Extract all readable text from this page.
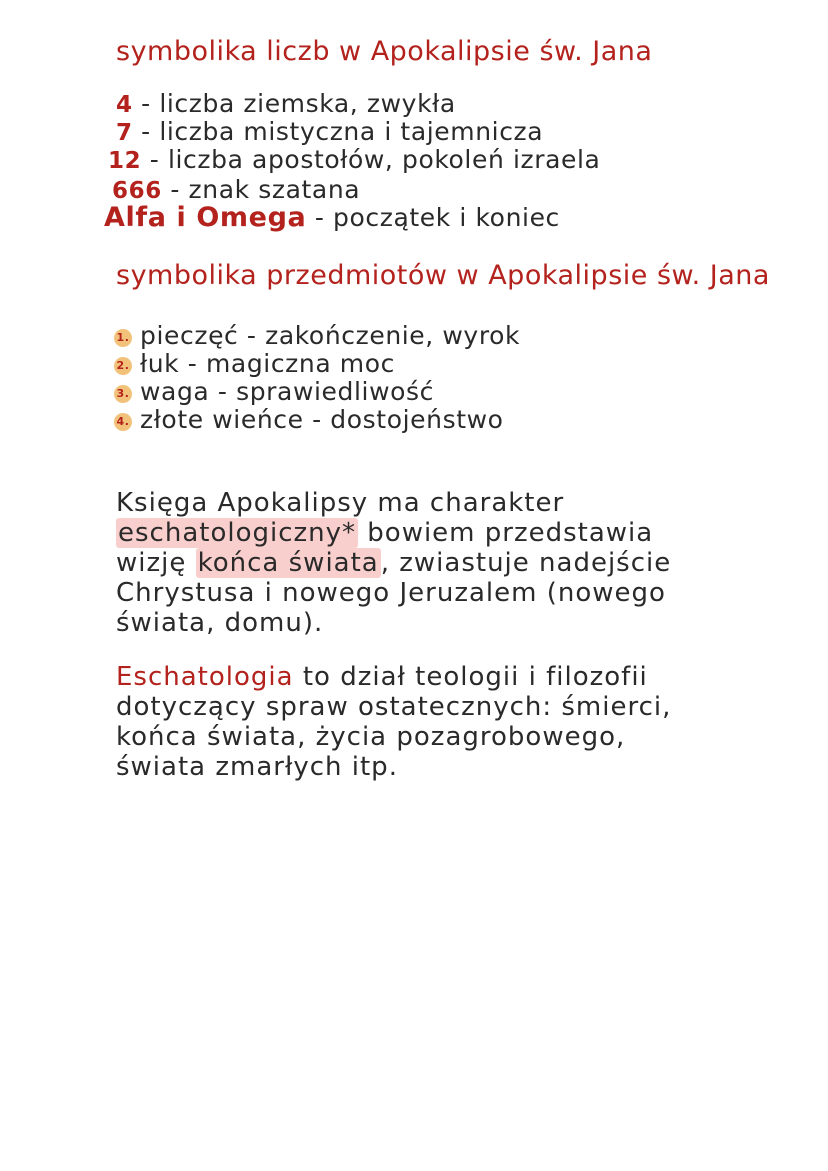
symbolika liczb w Apokalipsie św. Jana
4 - liczba ziemska, zwykła
7 - liczba mistyczna i tajemnicza
12 - liczba apostołów, pokoleń izraela
666 - znak szatana
Alfa i Omega - początek i koniec
symbolika przedmiotów w Apokalipsie św. Jana
1. pieczęć - zakończenie, wyrok
2. łuk - magiczna moc
3. waga - sprawiedliwość
4. złote wieńce - dostojeństwo

Księga Apokalipsy ma charakter eschatologiczny* bowiem przedstawia wizję końca świata, zwiastuje nadejście Chrystusa i nowego Jeruzalem (nowego świata, domu).

Eschatologia to dział teologii i filozofii dotyczący spraw ostatecznych: śmierci, końca świata, życia pozagrobowego, świata zmarłych itp.
